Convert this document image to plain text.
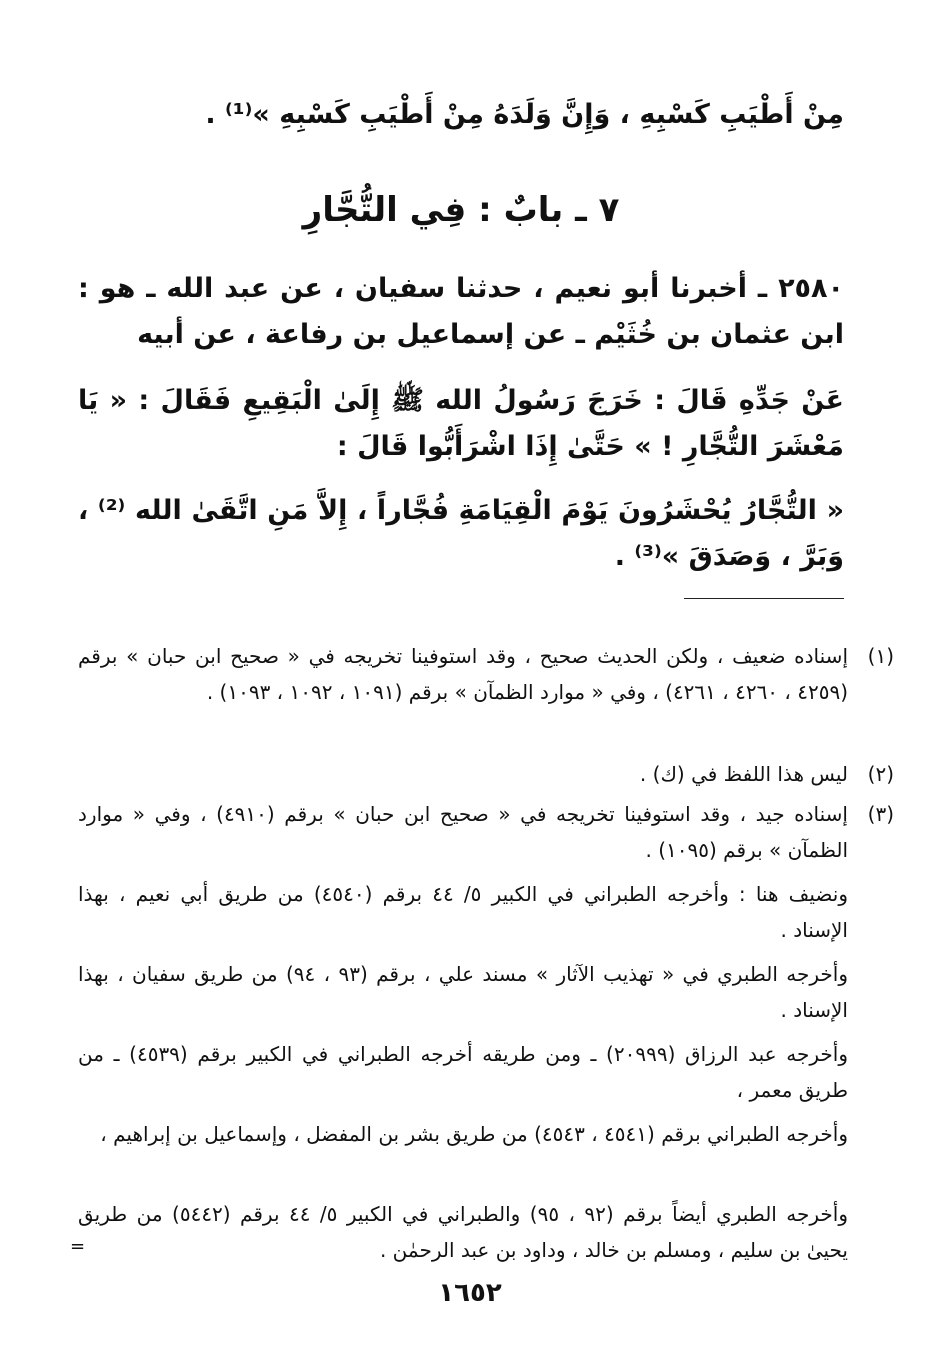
مِنْ أَطْيَبِ كَسْبِهِ ، وَإِنَّ وَلَدَهُ مِنْ أَطْيَبِ كَسْبِهِ »⁽¹⁾ .
٧ ـ بابٌ : فِي التُّجَّارِ
٢٥٨٠ ـ أخبرنا أبو نعيم ، حدثنا سفيان ، عن عبد الله ـ هو : ابن عثمان بن خُثَيْم ـ عن إسماعيل بن رفاعة ، عن أبيه
عَنْ جَدِّهِ قَالَ : خَرَجَ رَسُولُ الله ﷺ إِلَىٰ الْبَقِيعِ فَقَالَ : « يَا مَعْشَرَ التُّجَّارِ ! » حَتَّىٰ إِذَا اشْرَأَبُّوا قَالَ :
« التُّجَّارُ يُحْشَرُونَ يَوْمَ الْقِيَامَةِ فُجَّاراً ، إِلاَّ مَنِ اتَّقَىٰ الله ⁽²⁾ ، وَبَرَّ ، وَصَدَقَ »⁽³⁾ .
(١)
إسناده ضعيف ، ولكن الحديث صحيح ، وقد استوفينا تخريجه في « صحيح ابن حبان » برقم (٤٢٥٩ ، ٤٢٦٠ ، ٤٢٦١) ، وفي « موارد الظمآن » برقم (١٠٩١ ، ١٠٩٢ ، ١٠٩٣) .
(٢)
ليس هذا اللفظ في (ك) .
(٣)
إسناده جيد ، وقد استوفينا تخريجه في « صحيح ابن حبان » برقم (٤٩١٠) ، وفي « موارد الظمآن » برقم (١٠٩٥) .
ونضيف هنا : وأخرجه الطبراني في الكبير ٥/ ٤٤ برقم (٤٥٤٠) من طريق أبي نعيم ، بهذا الإسناد .
وأخرجه الطبري في « تهذيب الآثار » مسند علي ، برقم (٩٣ ، ٩٤) من طريق سفيان ، بهذا الإسناد .
وأخرجه عبد الرزاق (٢٠٩٩٩) ـ ومن طريقه أخرجه الطبراني في الكبير برقم (٤٥٣٩) ـ من طريق معمر ،
وأخرجه الطبراني برقم (٤٥٤١ ، ٤٥٤٣) من طريق بشر بن المفضل ، وإسماعيل بن إبراهيم ،
وأخرجه الطبري أيضاً برقم (٩٢ ، ٩٥) والطبراني في الكبير ٥/ ٤٤ برقم (٥٤٤٢) من طريق يحيىٰ بن سليم ، ومسلم بن خالد ، وداود بن عبد الرحمٰن .
=
١٦٥٢
